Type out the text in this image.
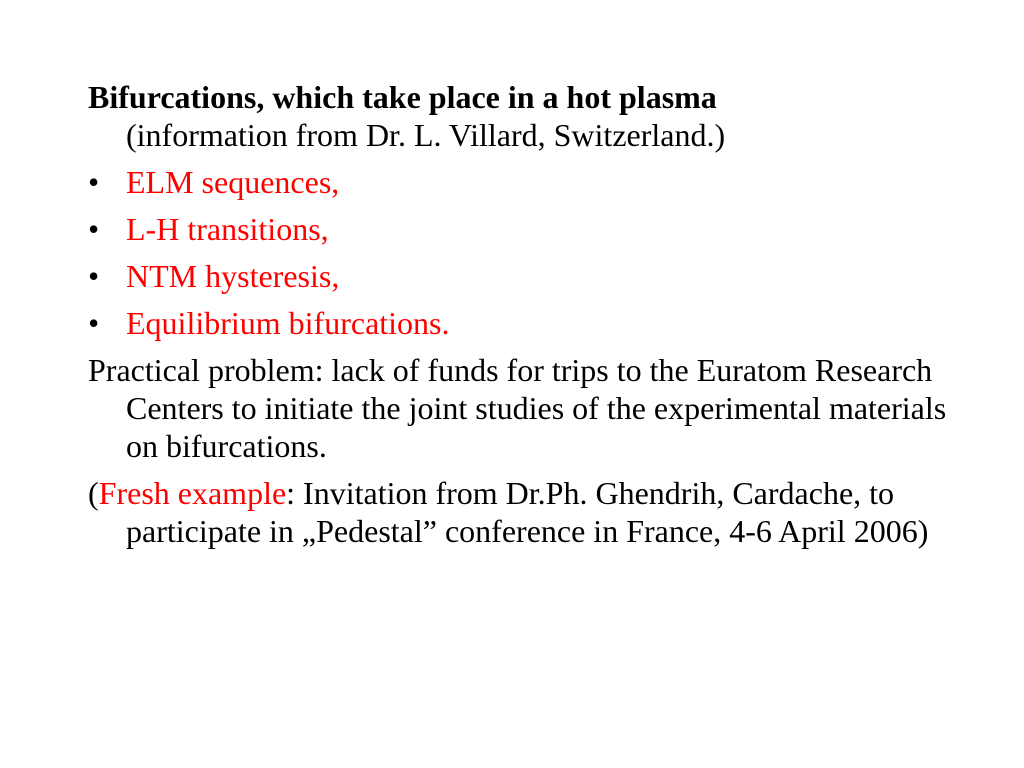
Bifurcations, which take place in a hot plasma
(information from Dr. L. Villard, Switzerland.)

• ELM sequences,
• L-H transitions,
• NTM hysteresis,
• Equilibrium bifurcations.

Practical problem: lack of funds for trips to the Euratom Research Centers to initiate the joint studies of the experimental materials on bifurcations.

(Fresh example: Invitation from Dr.Ph. Ghendrih, Cardache, to participate in „Pedestal” conference in France, 4-6 April 2006)
